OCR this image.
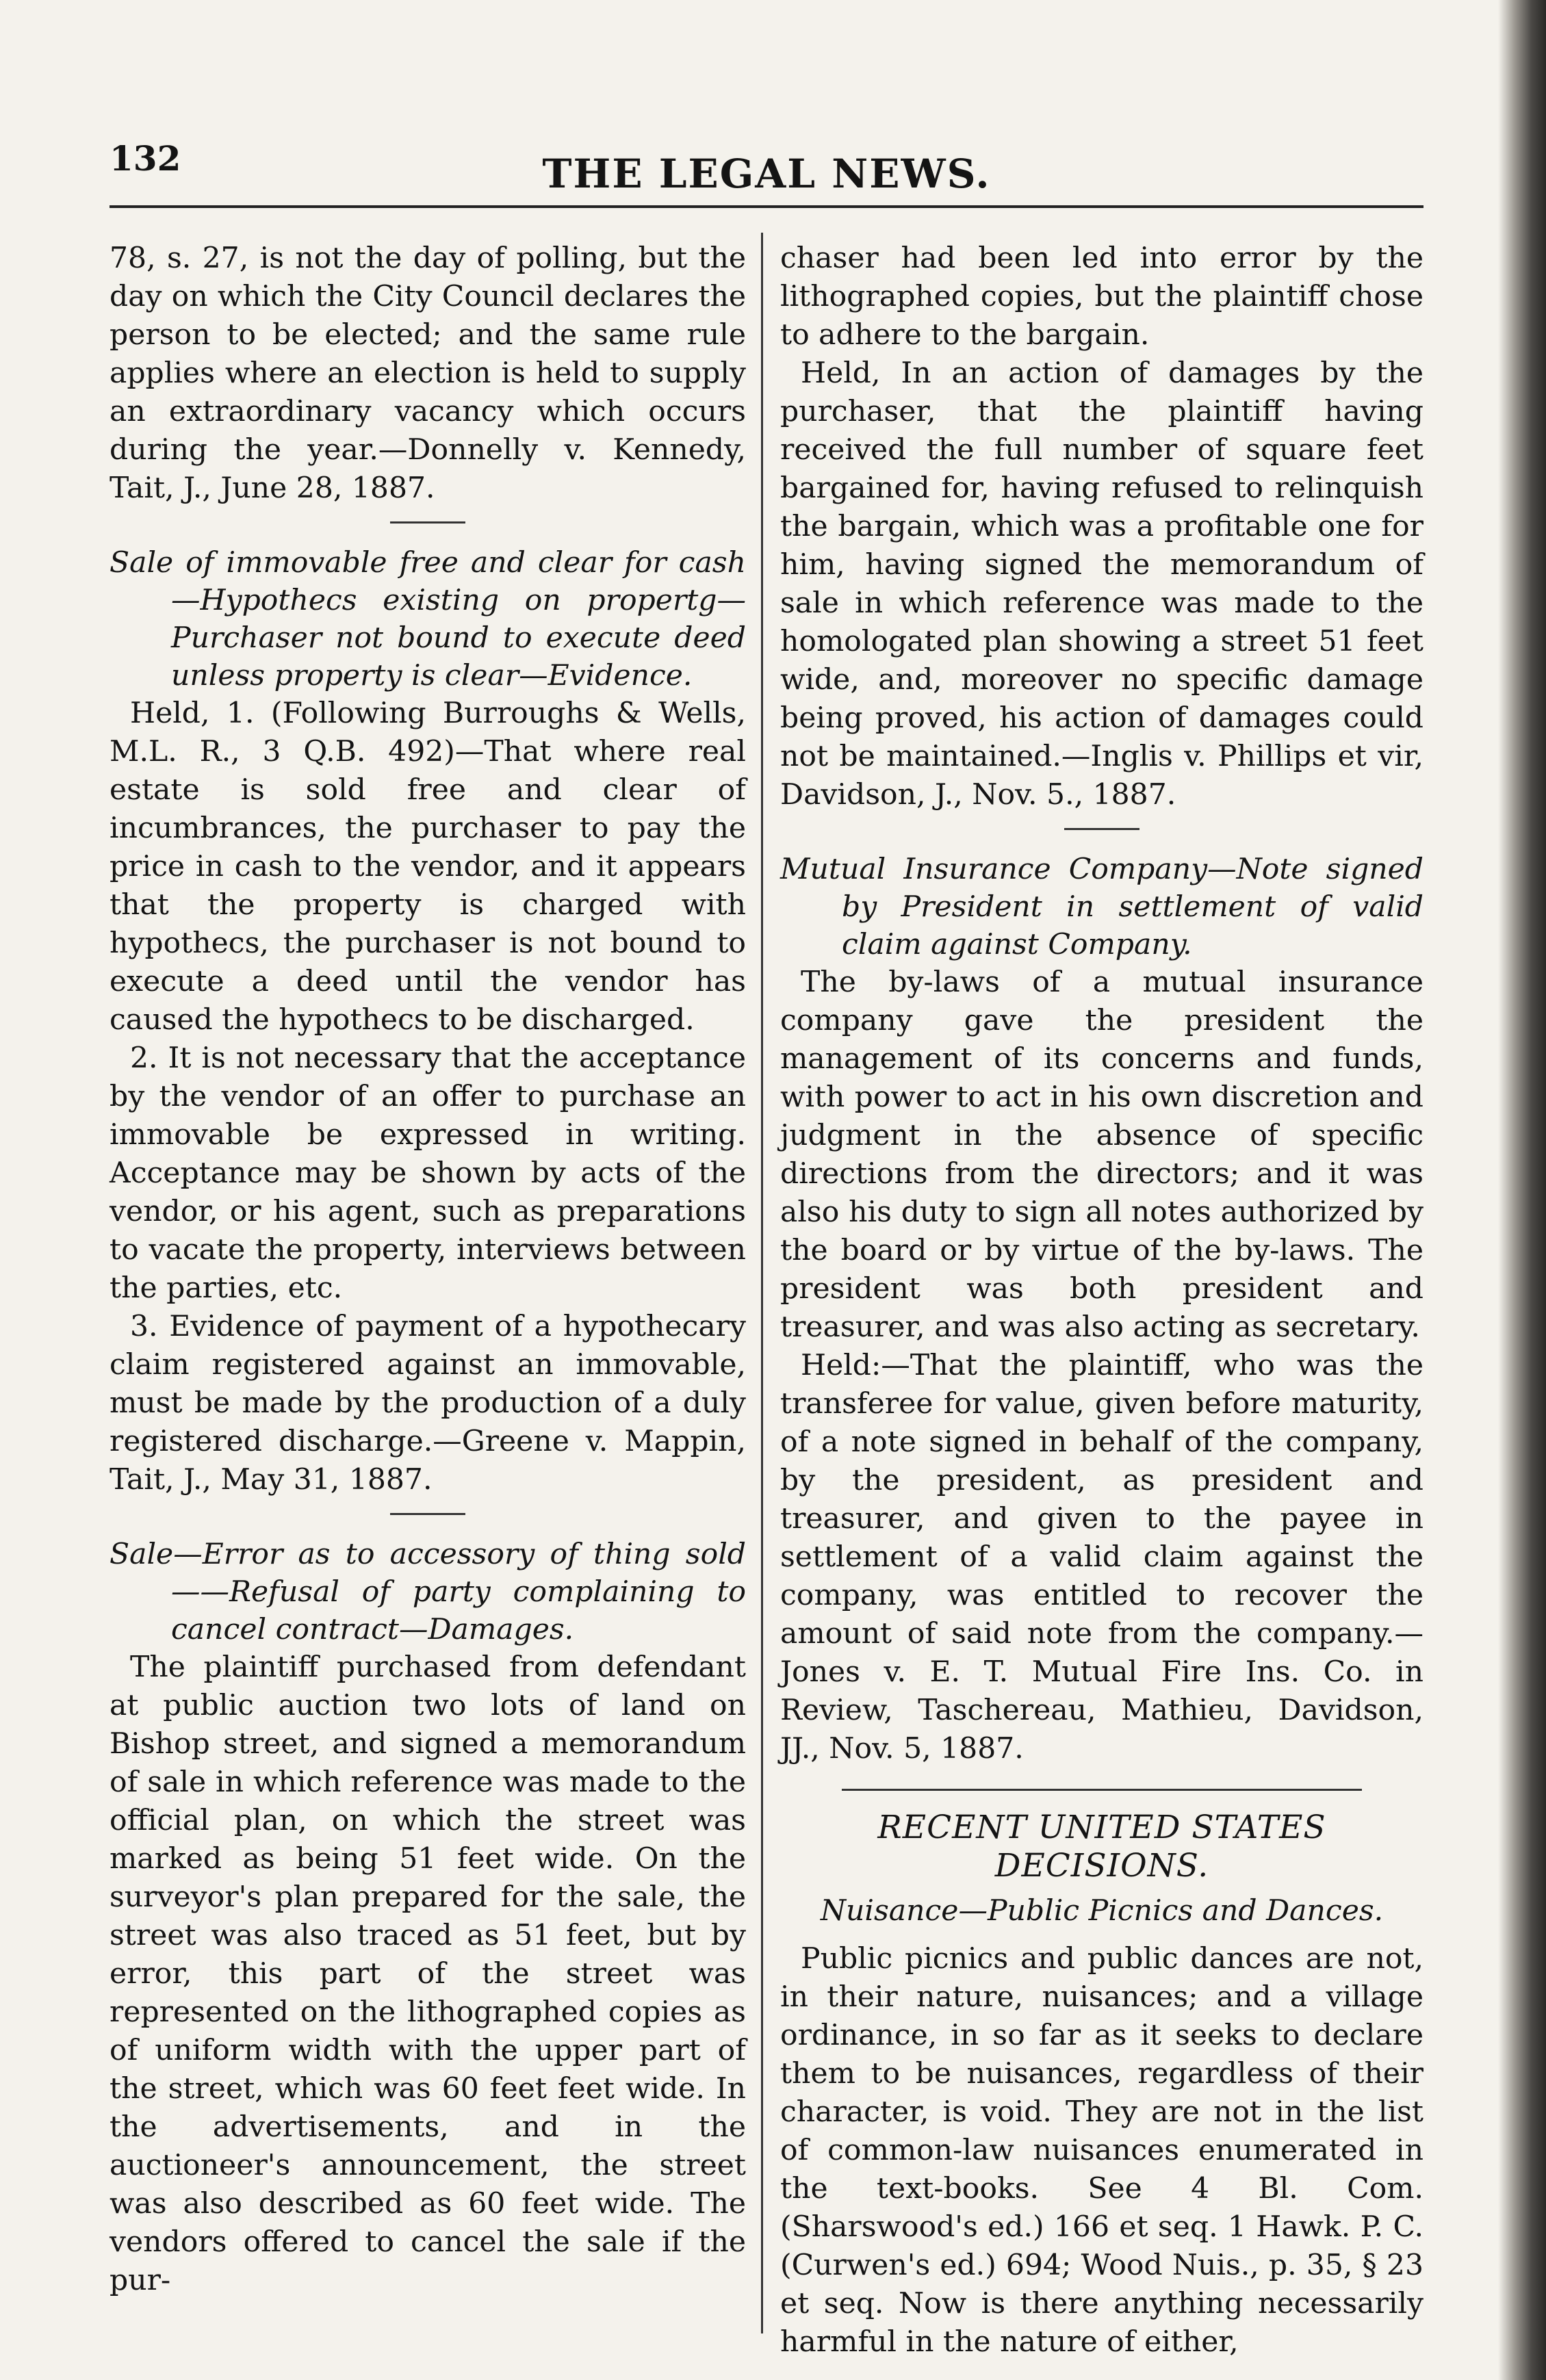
132	THE LEGAL NEWS.

78, s. 27, is not the day of polling, but the day on which the City Council declares the person to be elected; and the same rule applies where an election is held to supply an extraordinary vacancy which occurs during the year.—Donnelly v. Kennedy, Tait, J., June 28, 1887.

Sale of immovable free and clear for cash—Hypothecs existing on propertg—Purchaser not bound to execute deed unless property is clear—Evidence.

Held, 1. (Following Burroughs & Wells, M.L. R., 3 Q.B. 492)—That where real estate is sold free and clear of incumbrances, the purchaser to pay the price in cash to the vendor, and it appears that the property is charged with hypothecs, the purchaser is not bound to execute a deed until the vendor has caused the hypothecs to be discharged.

2. It is not necessary that the acceptance by the vendor of an offer to purchase an immovable be expressed in writing. Acceptance may be shown by acts of the vendor, or his agent, such as preparations to vacate the property, interviews between the parties, etc.

3. Evidence of payment of a hypothecary claim registered against an immovable, must be made by the production of a duly registered discharge.—Greene v. Mappin, Tait, J., May 31, 1887.

Sale—Error as to accessory of thing sold——Refusal of party complaining to cancel contract—Damages.

The plaintiff purchased from defendant at public auction two lots of land on Bishop street, and signed a memorandum of sale in which reference was made to the official plan, on which the street was marked as being 51 feet wide. On the surveyor's plan prepared for the sale, the street was also traced as 51 feet, but by error, this part of the street was represented on the lithographed copies as of uniform width with the upper part of the street, which was 60 feet feet wide. In the advertisements, and in the auctioneer's announcement, the street was also described as 60 feet wide. The vendors offered to cancel the sale if the pur-

chaser had been led into error by the lithographed copies, but the plaintiff chose to adhere to the bargain.

Held, In an action of damages by the purchaser, that the plaintiff having received the full number of square feet bargained for, having refused to relinquish the bargain, which was a profitable one for him, having signed the memorandum of sale in which reference was made to the homologated plan showing a street 51 feet wide, and, moreover no specific damage being proved, his action of damages could not be maintained.—Inglis v. Phillips et vir, Davidson, J., Nov. 5., 1887.

Mutual Insurance Company—Note signed by President in settlement of valid claim against Company.

The by-laws of a mutual insurance company gave the president the management of its concerns and funds, with power to act in his own discretion and judgment in the absence of specific directions from the directors; and it was also his duty to sign all notes authorized by the board or by virtue of the by-laws. The president was both president and treasurer, and was also acting as secretary.

Held:—That the plaintiff, who was the transferee for value, given before maturity, of a note signed in behalf of the company, by the president, as president and treasurer, and given to the payee in settlement of a valid claim against the company, was entitled to recover the amount of said note from the company.—Jones v. E. T. Mutual Fire Ins. Co. in Review, Taschereau, Mathieu, Davidson, JJ., Nov. 5, 1887.

RECENT UNITED STATES DECISIONS.
Nuisance—Public Picnics and Dances.

Public picnics and public dances are not, in their nature, nuisances; and a village ordinance, in so far as it seeks to declare them to be nuisances, regardless of their character, is void. They are not in the list of common-law nuisances enumerated in the text-books. See 4 Bl. Com. (Sharswood's ed.) 166 et seq. 1 Hawk. P. C. (Curwen's ed.) 694; Wood Nuis., p. 35, § 23 et seq. Now is there anything necessarily harmful in the nature of either,
